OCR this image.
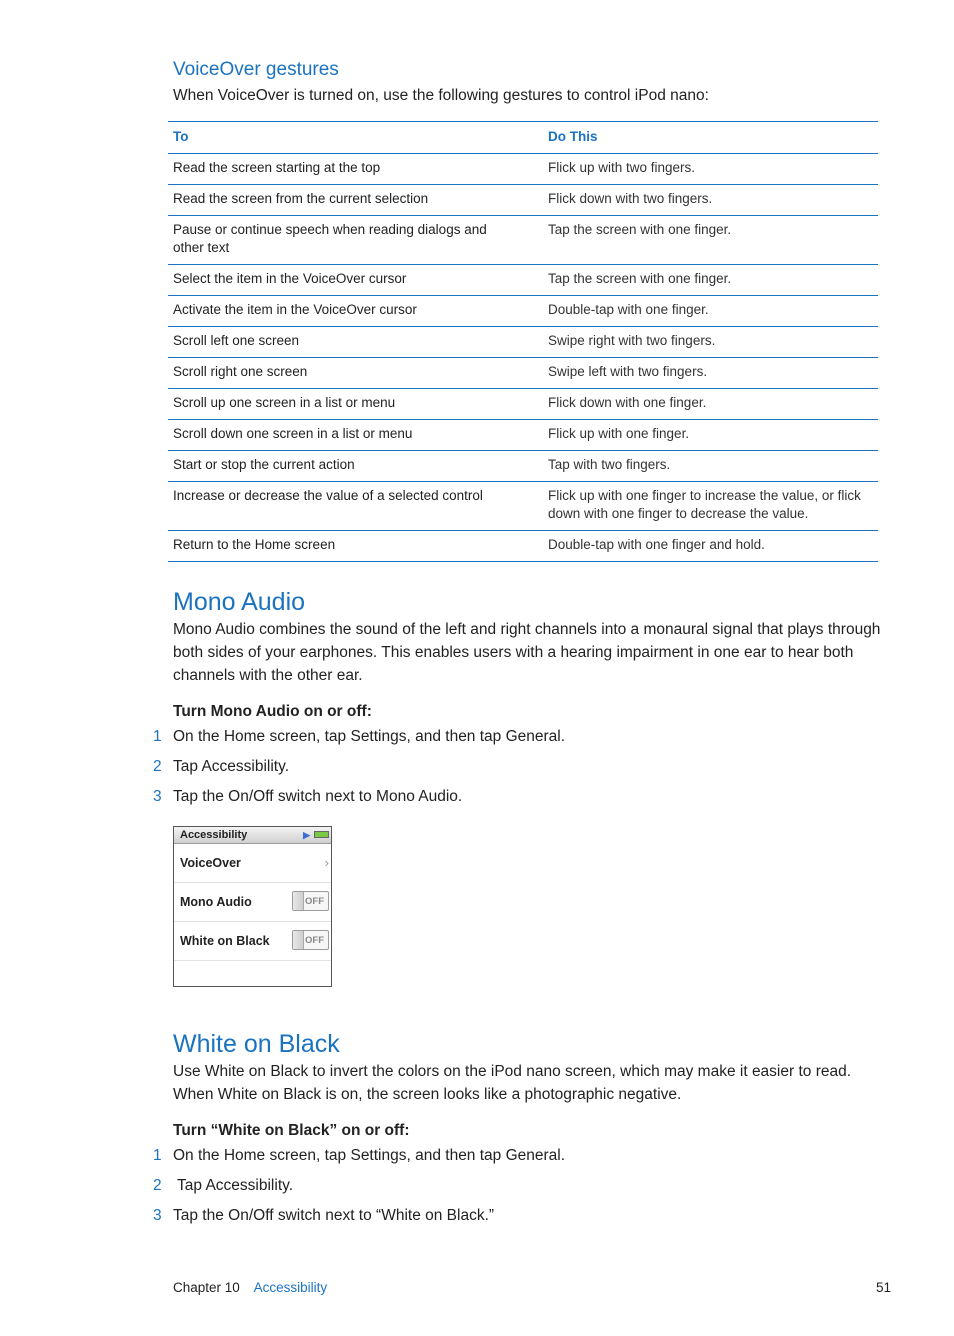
VoiceOver gestures
When VoiceOver is turned on, use the following gestures to control iPod nano:
To	Do This
Read the screen starting at the top	Flick up with two fingers.
Read the screen from the current selection	Flick down with two fingers.
Pause or continue speech when reading dialogs and other text	Tap the screen with one finger.
Select the item in the VoiceOver cursor	Tap the screen with one finger.
Activate the item in the VoiceOver cursor	Double-tap with one finger.
Scroll left one screen	Swipe right with two fingers.
Scroll right one screen	Swipe left with two fingers.
Scroll up one screen in a list or menu	Flick down with one finger.
Scroll down one screen in a list or menu	Flick up with one finger.
Start or stop the current action	Tap with two fingers.
Increase or decrease the value of a selected control	Flick up with one finger to increase the value, or flick down with one finger to decrease the value.
Return to the Home screen	Double-tap with one finger and hold.
Mono Audio
Mono Audio combines the sound of the left and right channels into a monaural signal that plays through both sides of your earphones. This enables users with a hearing impairment in one ear to hear both channels with the other ear.
Turn Mono Audio on or off:
1 On the Home screen, tap Settings, and then tap General.
2 Tap Accessibility.
3 Tap the On/Off switch next to Mono Audio.
Accessibility	▶
VoiceOver	›
Mono Audio	OFF
White on Black	OFF
White on Black
Use White on Black to invert the colors on the iPod nano screen, which may make it easier to read. When White on Black is on, the screen looks like a photographic negative.
Turn “White on Black” on or off:
1 On the Home screen, tap Settings, and then tap General.
2 Tap Accessibility.
3 Tap the On/Off switch next to “White on Black.”
Chapter 10 Accessibility	51
